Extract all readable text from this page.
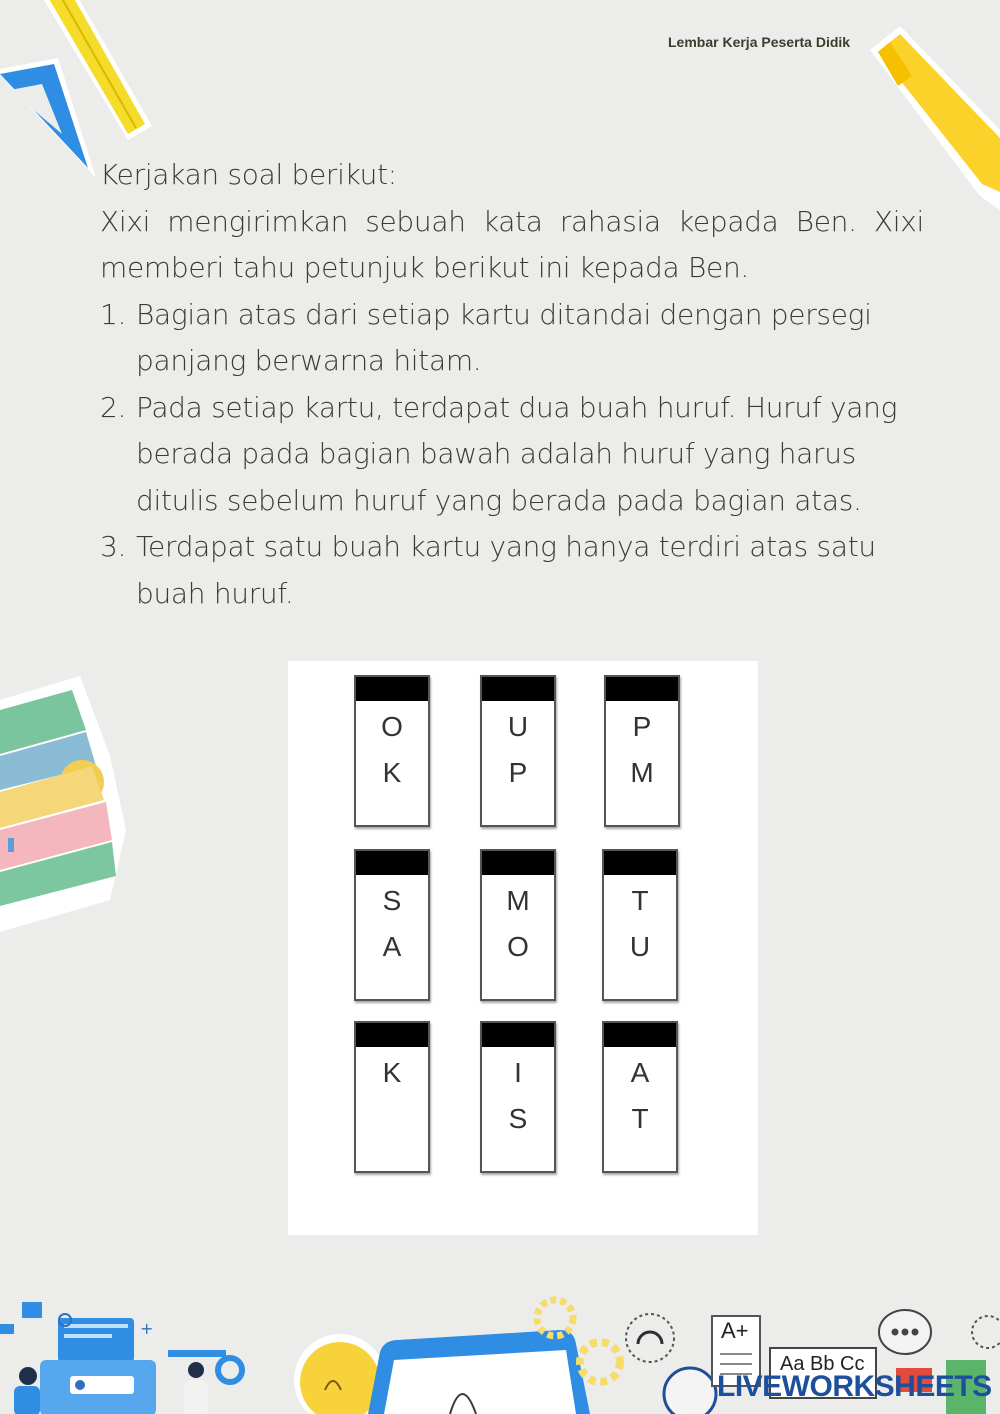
Lembar Kerja Peserta Didik

Kerjakan soal berikut:

Xixi mengirimkan sebuah kata rahasia kepada Ben. Xixi memberi tahu petunjuk berikut ini kepada Ben.

1. Bagian atas dari setiap kartu ditandai dengan persegi panjang berwarna hitam.
2. Pada setiap kartu, terdapat dua buah huruf. Huruf yang berada pada bagian bawah adalah huruf yang harus ditulis sebelum huruf yang berada pada bagian atas.
3. Terdapat satu buah kartu yang hanya terdiri atas satu buah huruf.
O
K
U
P
P
M
S
A
M
O
T
U
K	I
S
A
T
+	A+
Aa Bb Cc
LIVEWORKSHEETS
